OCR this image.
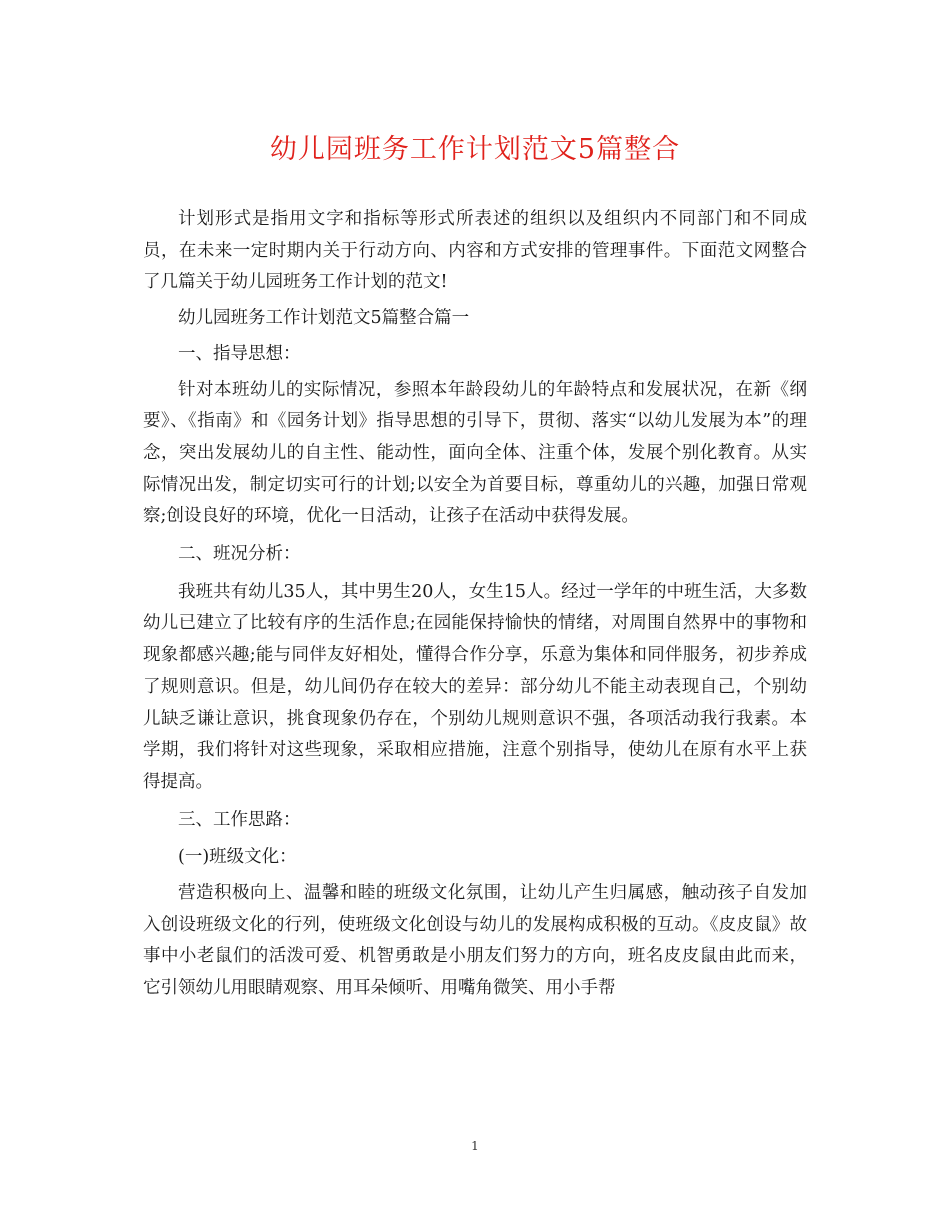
幼儿园班务工作计划范文5篇整合

计划形式是指用文字和指标等形式所表述的组织以及组织内不同部门和不同成员，在未来一定时期内关于行动方向、内容和方式安排的管理事件。下面范文网整合了几篇关于幼儿园班务工作计划的范文!

幼儿园班务工作计划范文5篇整合篇一

一、指导思想：

针对本班幼儿的实际情况，参照本年龄段幼儿的年龄特点和发展状况，在新《纲要》、《指南》和《园务计划》指导思想的引导下，贯彻、落实“以幼儿发展为本”的理念，突出发展幼儿的自主性、能动性，面向全体、注重个体，发展个别化教育。从实际情况出发，制定切实可行的计划;以安全为首要目标，尊重幼儿的兴趣，加强日常观察;创设良好的环境，优化一日活动，让孩子在活动中获得发展。

二、班况分析：

我班共有幼儿35人，其中男生20人，女生15人。经过一学年的中班生活，大多数幼儿已建立了比较有序的生活作息;在园能保持愉快的情绪，对周围自然界中的事物和现象都感兴趣;能与同伴友好相处，懂得合作分享，乐意为集体和同伴服务，初步养成了规则意识。但是，幼儿间仍存在较大的差异：部分幼儿不能主动表现自己，个别幼儿缺乏谦让意识，挑食现象仍存在，个别幼儿规则意识不强，各项活动我行我素。本学期，我们将针对这些现象，采取相应措施，注意个别指导，使幼儿在原有水平上获得提高。

三、工作思路：

(一)班级文化：

营造积极向上、温馨和睦的班级文化氛围，让幼儿产生归属感，触动孩子自发加入创设班级文化的行列，使班级文化创设与幼儿的发展构成积极的互动。《皮皮鼠》故事中小老鼠们的活泼可爱、机智勇敢是小朋友们努力的方向，班名皮皮鼠由此而来，它引领幼儿用眼睛观察、用耳朵倾听、用嘴角微笑、用小手帮

1
